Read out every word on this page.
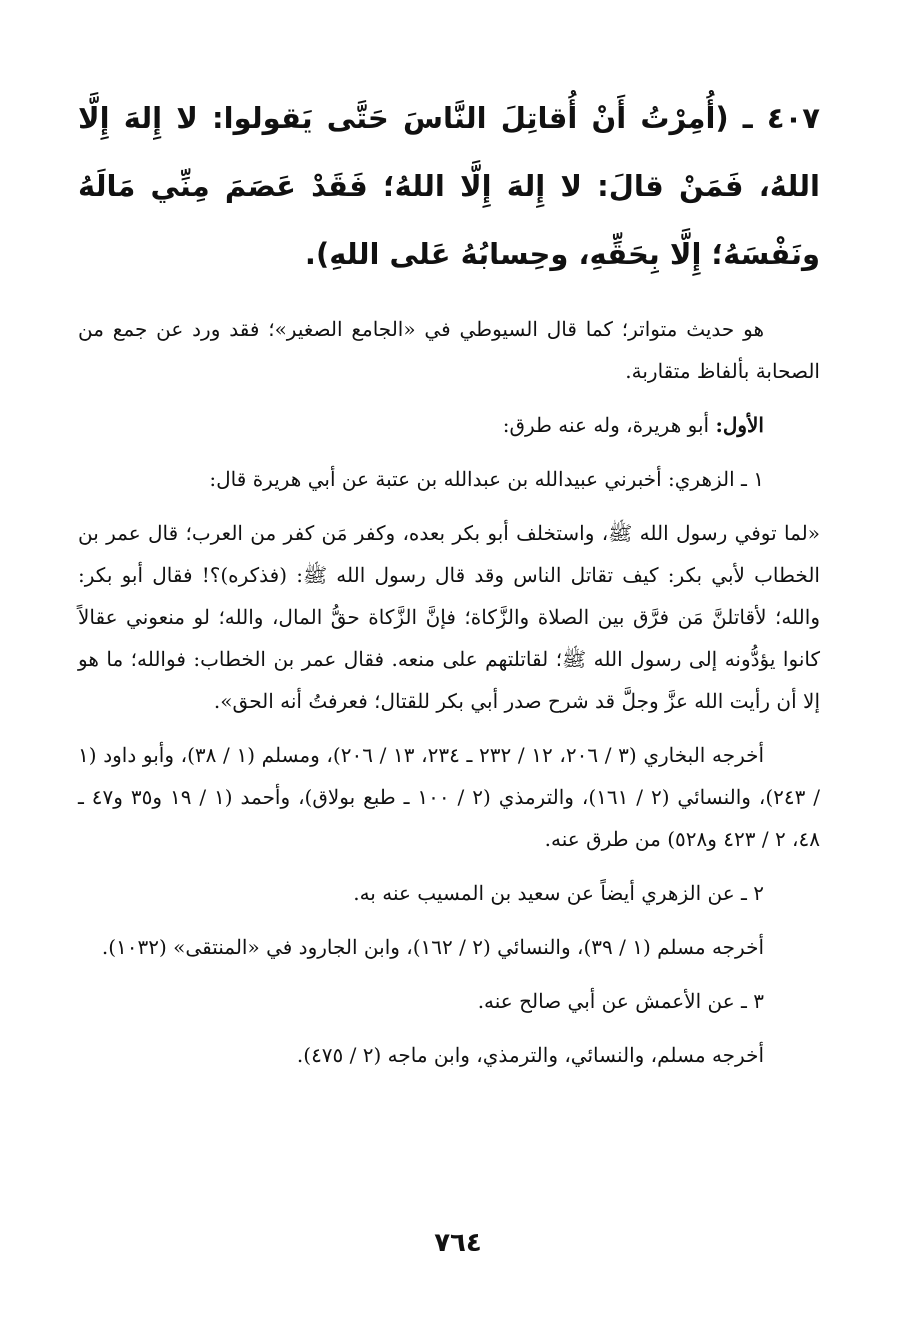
٤٠٧ ـ (أُمِرْتُ أَنْ أُقاتِلَ النَّاسَ حَتَّى يَقولوا: لا إِلهَ إِلَّا اللهُ، فَمَنْ قالَ: لا إِلهَ إِلَّا اللهُ؛ فَقَدْ عَصَمَ مِنِّي مَالَهُ ونَفْسَهُ؛ إِلَّا بِحَقِّهِ، وحِسابُهُ عَلى اللهِ).
هو حديث متواتر؛ كما قال السيوطي في «الجامع الصغير»؛ فقد ورد عن جمع من الصحابة بألفاظ متقاربة.
الأول: أبو هريرة، وله عنه طرق:
١ ـ الزهري: أخبرني عبيدالله بن عبدالله بن عتبة عن أبي هريرة قال:
«لما توفي رسول الله ﷺ، واستخلف أبو بكر بعده، وكفر مَن كفر من العرب؛ قال عمر بن الخطاب لأبي بكر: كيف تقاتل الناس وقد قال رسول الله ﷺ: (فذكره)؟! فقال أبو بكر: والله؛ لأقاتلنَّ مَن فرَّق بين الصلاة والزَّكاة؛ فإنَّ الزَّكاة حقُّ المال، والله؛ لو منعوني عقالاً كانوا يؤدُّونه إلى رسول الله ﷺ؛ لقاتلتهم على منعه. فقال عمر بن الخطاب: فوالله؛ ما هو إلا أن رأيت الله عزَّ وجلَّ قد شرح صدر أبي بكر للقتال؛ فعرفتُ أنه الحق».
أخرجه البخاري (٣ / ٢٠٦، ١٢ / ٢٣٢ ـ ٢٣٤، ١٣ / ٢٠٦)، ومسلم (١ / ٣٨)، وأبو داود (١ / ٢٤٣)، والنسائي (٢ / ١٦١)، والترمذي (٢ / ١٠٠ ـ طبع بولاق)، وأحمد (١ / ١٩ و٣٥ و٤٧ ـ ٤٨، ٢ / ٤٢٣ و٥٢٨) من طرق عنه.
٢ ـ عن الزهري أيضاً عن سعيد بن المسيب عنه به.
أخرجه مسلم (١ / ٣٩)، والنسائي (٢ / ١٦٢)، وابن الجارود في «المنتقى» (١٠٣٢).
٣ ـ عن الأعمش عن أبي صالح عنه.
أخرجه مسلم، والنسائي، والترمذي، وابن ماجه (٢ / ٤٧٥).
٧٦٤
